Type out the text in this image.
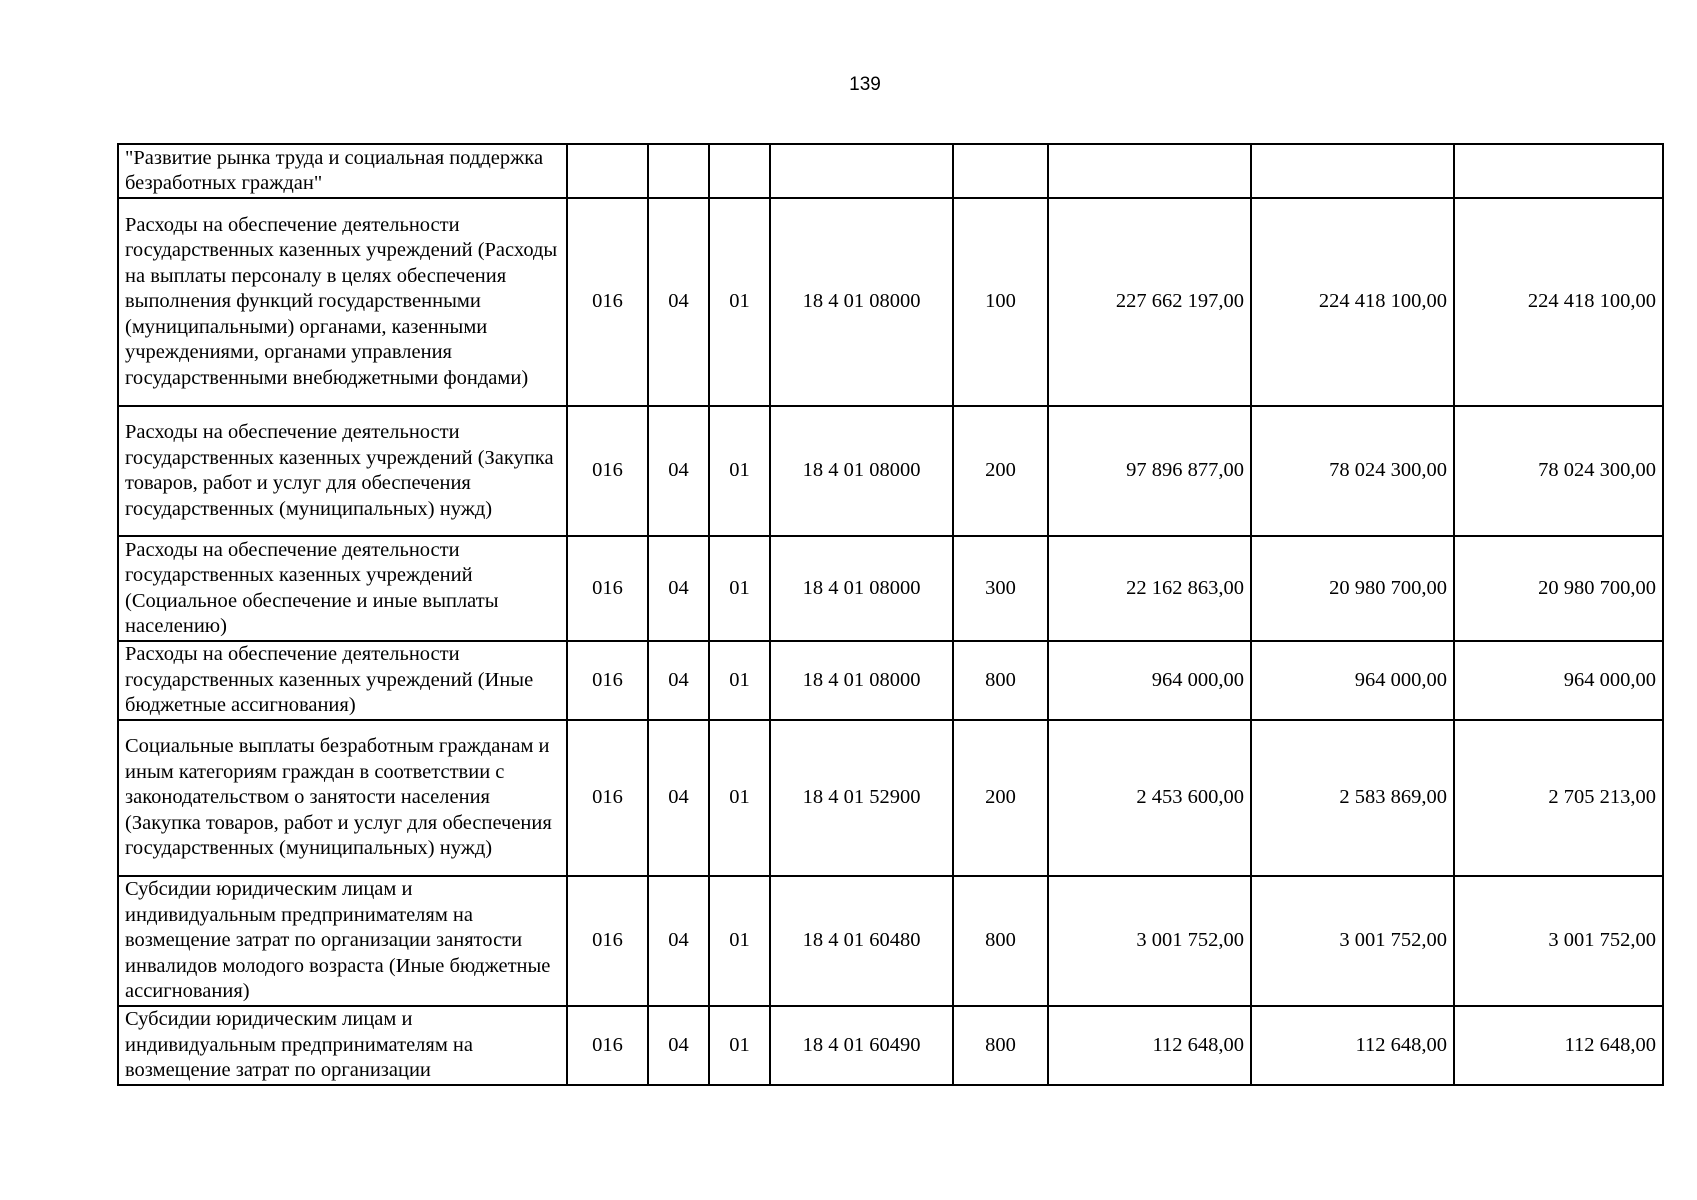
139
"Развитие рынка труда и социальная поддержка безработных граждан"								
Расходы на обеспечение деятельности государственных казенных учреждений (Расходы на выплаты персоналу в целях обеспечения выполнения функций государственными (муниципальными) органами, казенными учреждениями, органами управления государственными внебюджетными фондами)	016	04	01	18 4 01 08000	100	227 662 197,00	224 418 100,00	224 418 100,00
Расходы на обеспечение деятельности государственных казенных учреждений (Закупка товаров, работ и услуг для обеспечения государственных (муниципальных) нужд)	016	04	01	18 4 01 08000	200	97 896 877,00	78 024 300,00	78 024 300,00
Расходы на обеспечение деятельности государственных казенных учреждений (Социальное обеспечение и иные выплаты населению)	016	04	01	18 4 01 08000	300	22 162 863,00	20 980 700,00	20 980 700,00
Расходы на обеспечение деятельности государственных казенных учреждений (Иные бюджетные ассигнования)	016	04	01	18 4 01 08000	800	964 000,00	964 000,00	964 000,00
Социальные выплаты безработным гражданам и иным категориям граждан в соответствии с законодательством о занятости населения (Закупка товаров, работ и услуг для обеспечения государственных (муниципальных) нужд)	016	04	01	18 4 01 52900	200	2 453 600,00	2 583 869,00	2 705 213,00
Субсидии юридическим лицам и индивидуальным предпринимателям на возмещение затрат по организации занятости инвалидов молодого возраста (Иные бюджетные ассигнования)	016	04	01	18 4 01 60480	800	3 001 752,00	3 001 752,00	3 001 752,00
Субсидии юридическим лицам и индивидуальным предпринимателям на возмещение затрат по организации	016	04	01	18 4 01 60490	800	112 648,00	112 648,00	112 648,00
